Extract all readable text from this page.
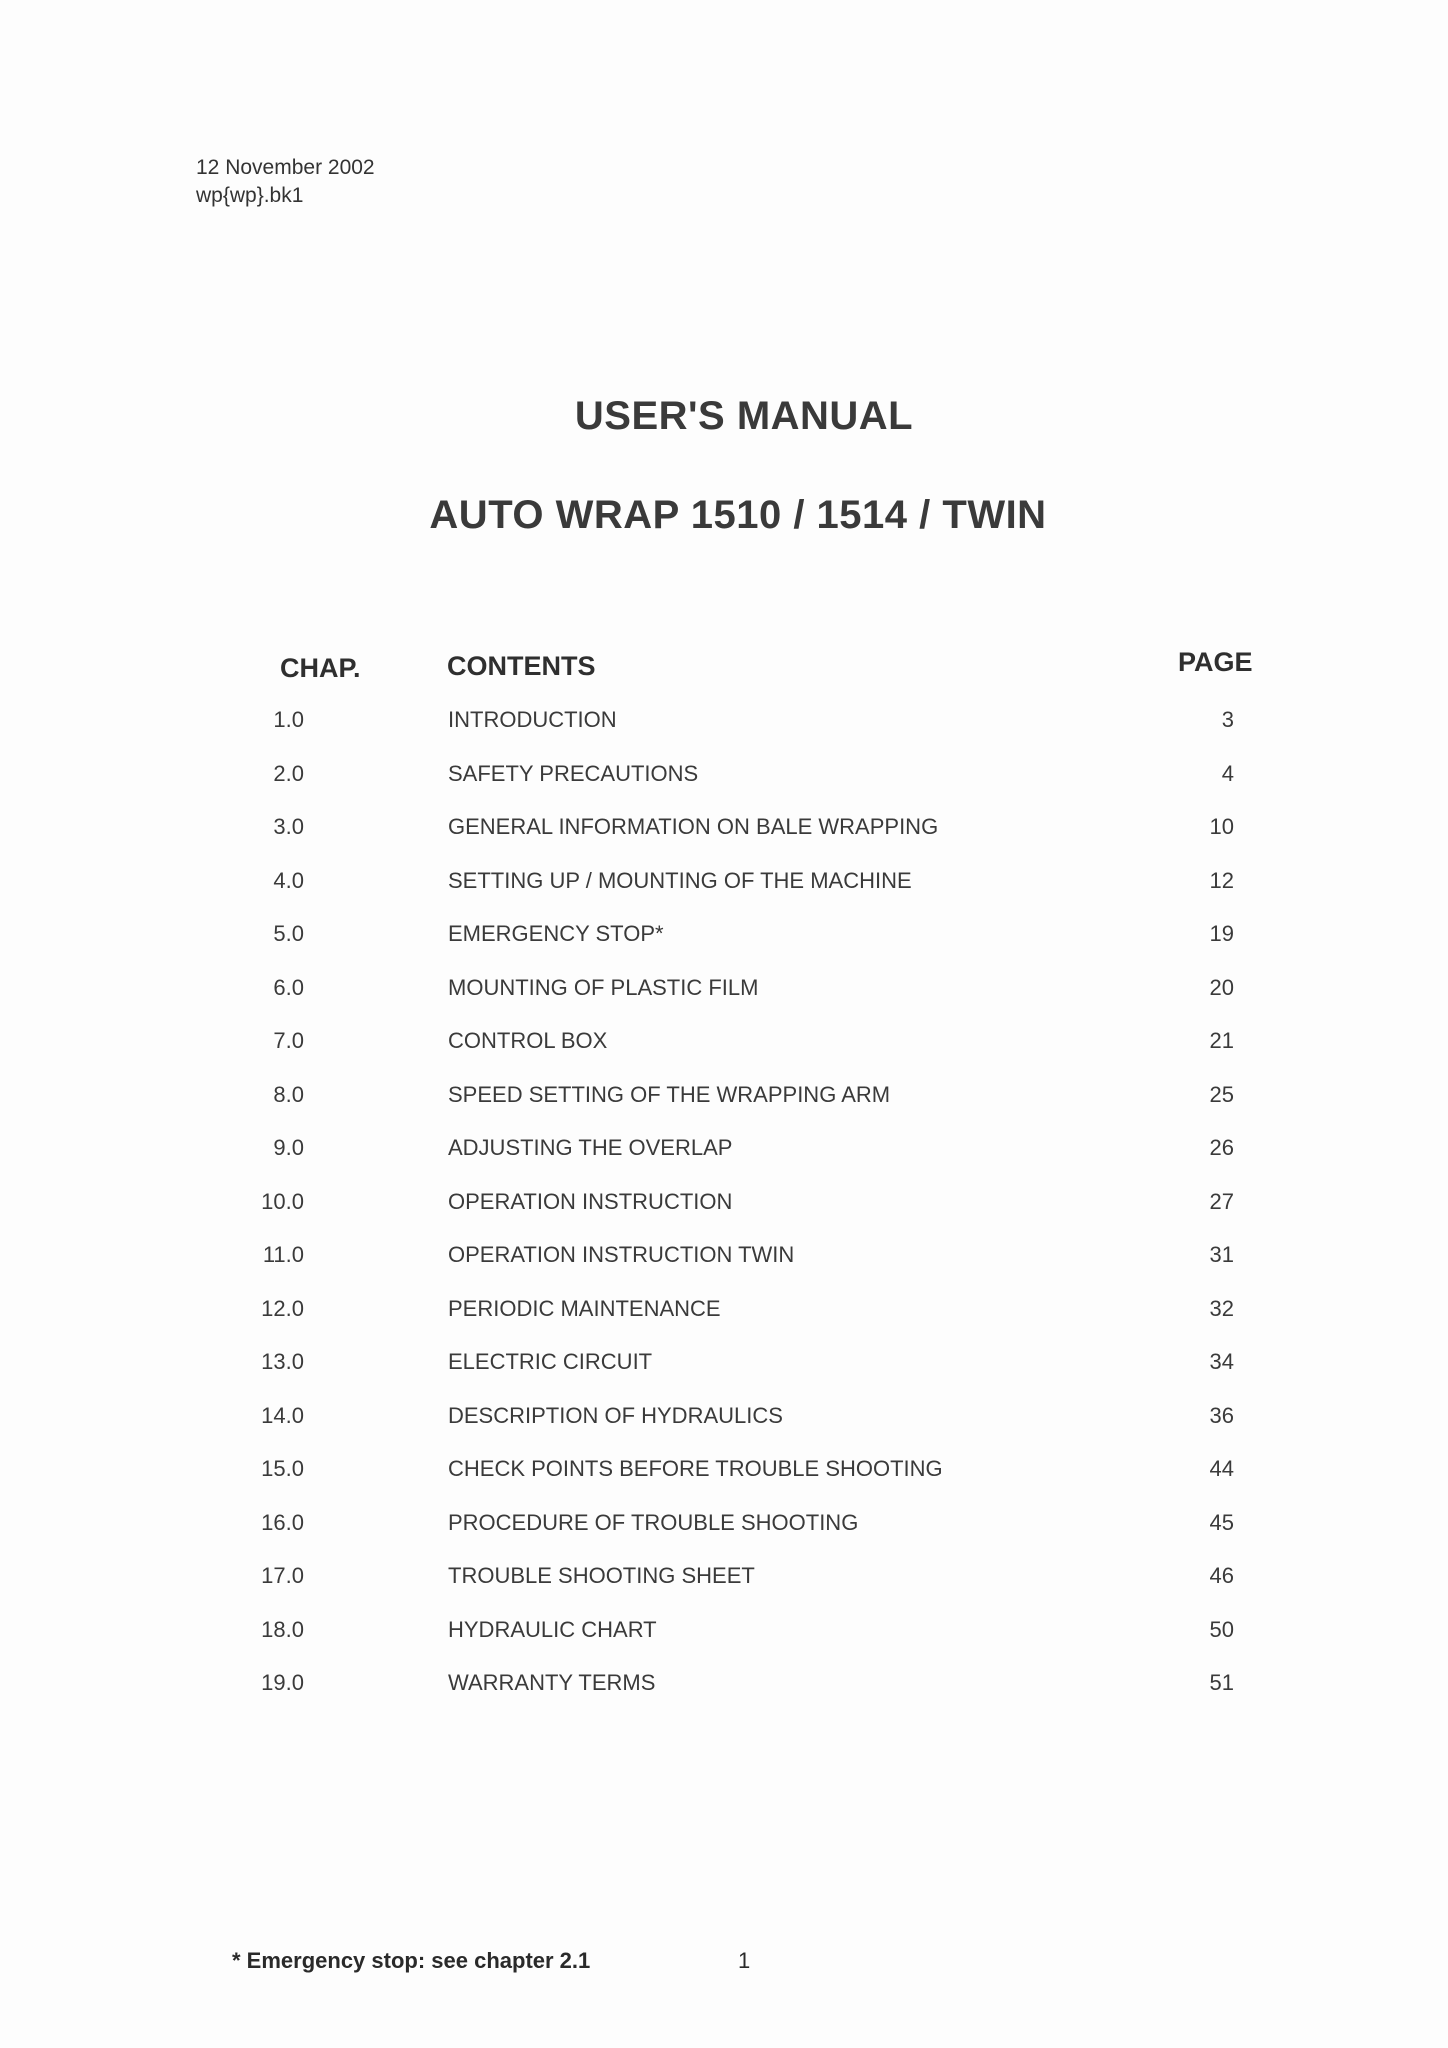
12 November 2002
wp{wp}.bk1
USER'S MANUAL
AUTO WRAP 1510 / 1514 / TWIN
CHAP.	CONTENTS	PAGE
1.0	INTRODUCTION	3
2.0	SAFETY PRECAUTIONS	4
3.0	GENERAL INFORMATION ON BALE WRAPPING	10
4.0	SETTING UP / MOUNTING OF THE MACHINE	12
5.0	EMERGENCY STOP*	19
6.0	MOUNTING OF PLASTIC FILM	20
7.0	CONTROL BOX	21
8.0	SPEED SETTING OF THE WRAPPING ARM	25
9.0	ADJUSTING THE OVERLAP	26
10.0	OPERATION INSTRUCTION	27
11.0	OPERATION INSTRUCTION TWIN	31
12.0	PERIODIC MAINTENANCE	32
13.0	ELECTRIC CIRCUIT	34
14.0	DESCRIPTION OF HYDRAULICS	36
15.0	CHECK POINTS BEFORE TROUBLE SHOOTING	44
16.0	PROCEDURE OF TROUBLE SHOOTING	45
17.0	TROUBLE SHOOTING SHEET	46
18.0	HYDRAULIC CHART	50
19.0	WARRANTY TERMS	51
* Emergency stop: see chapter 2.1	1
